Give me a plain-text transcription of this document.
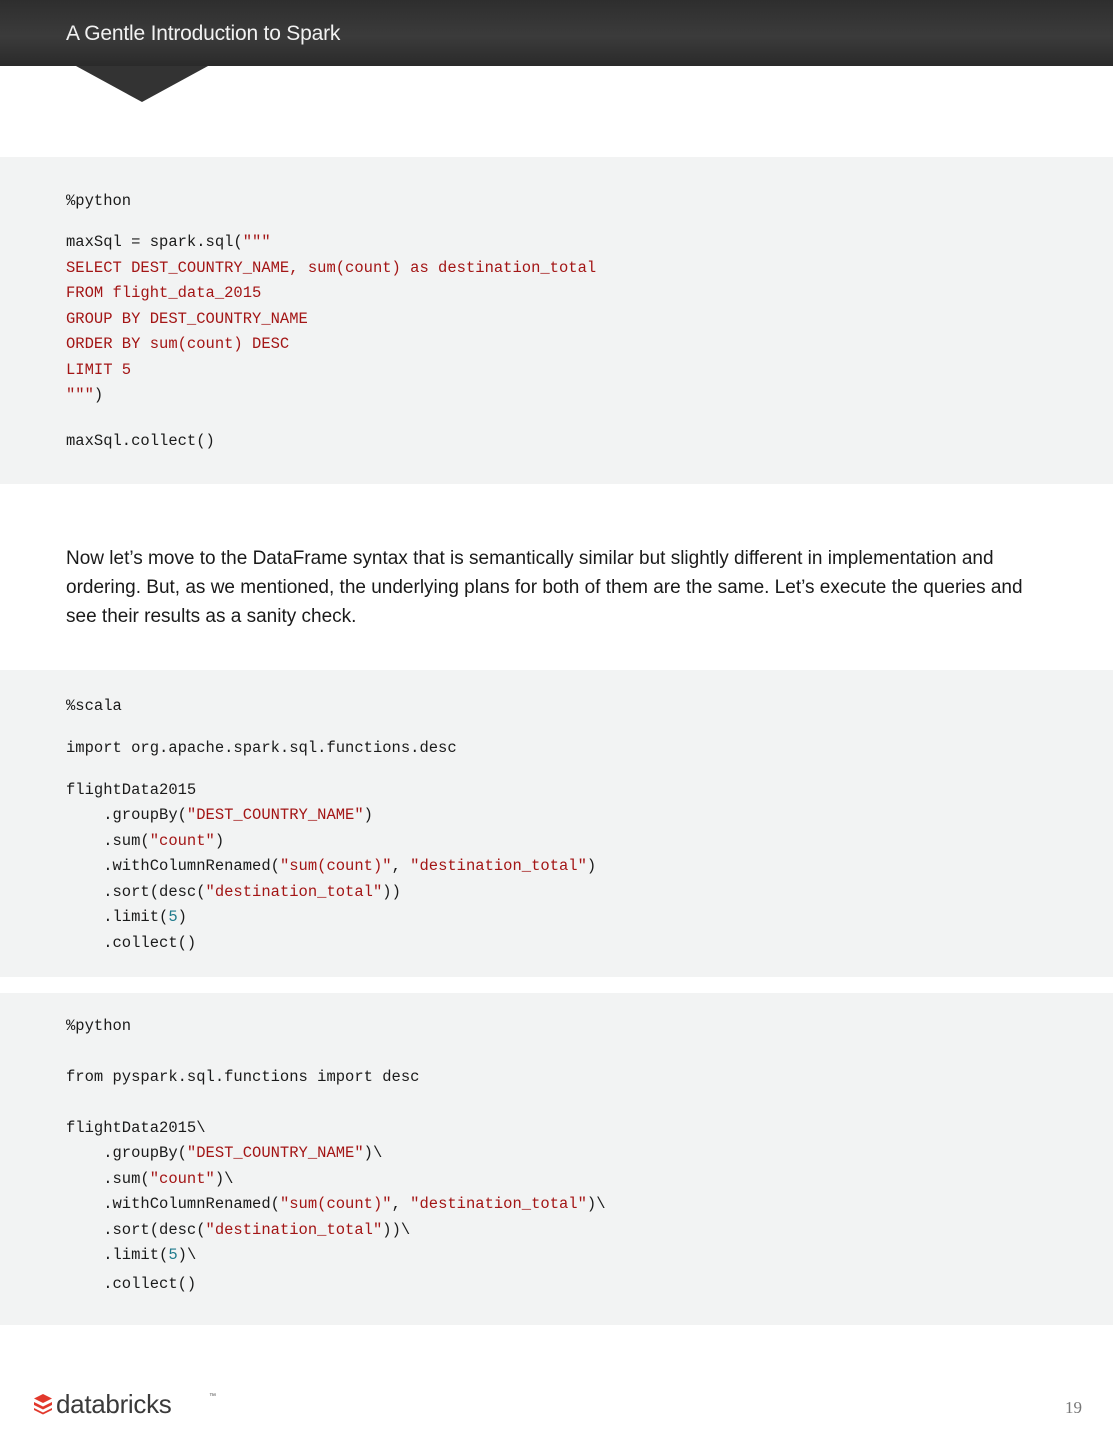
A Gentle Introduction to Spark
%python
maxSql = spark.sql("""
SELECT DEST_COUNTRY_NAME, sum(count) as destination_total
FROM flight_data_2015
GROUP BY DEST_COUNTRY_NAME
ORDER BY sum(count) DESC
LIMIT 5
""")
maxSql.collect()

Now let’s move to the DataFrame syntax that is semantically similar but slightly different in implementation and ordering. But, as we mentioned, the underlying plans for both of them are the same. Let’s execute the queries and see their results as a sanity check.

%scala
import org.apache.spark.sql.functions.desc
flightData2015
.groupBy("DEST_COUNTRY_NAME")
.sum("count")
.withColumnRenamed("sum(count)", "destination_total")
.sort(desc("destination_total"))
.limit(5)
.collect()
%python
from pyspark.sql.functions import desc
flightData2015\
.groupBy("DEST_COUNTRY_NAME")\
.sum("count")\
.withColumnRenamed("sum(count)", "destination_total")\
.sort(desc("destination_total"))\
.limit(5)\
.collect()
databricks	™
19
